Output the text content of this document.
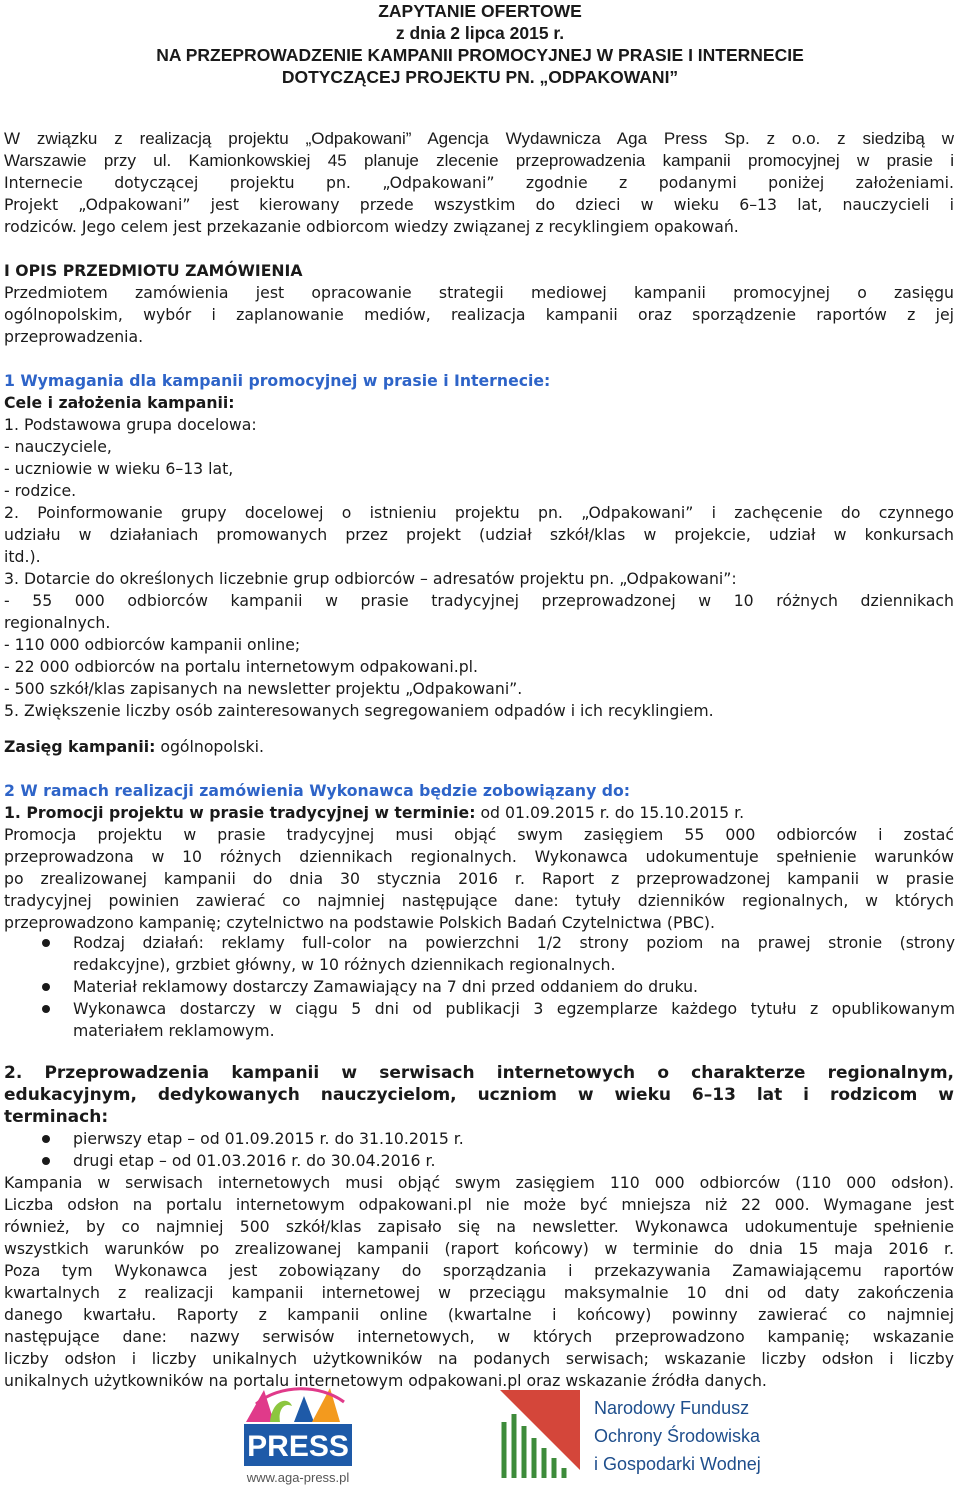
ZAPYTANIE OFERTOWE
z dnia 2 lipca 2015 r.
NA PRZEPROWADZENIE KAMPANII PROMOCYJNEJ W PRASIE I INTERNECIE
DOTYCZĄCEJ PROJEKTU PN. „ODPAKOWANI”
W związku z realizacją projektu „Odpakowani” Agencja Wydawnicza Aga Press Sp. z o.o. z siedzibą w
Warszawie przy ul. Kamionkowskiej 45 planuje zlecenie przeprowadzenia kampanii promocyjnej w prasie i
Internecie dotyczącej projektu pn. „Odpakowani” zgodnie z podanymi poniżej założeniami.
Projekt „Odpakowani” jest kierowany przede wszystkim do dzieci w wieku 6–13 lat, nauczycieli i
rodziców. Jego celem jest przekazanie odbiorcom wiedzy związanej z recyklingiem opakowań.
I OPIS PRZEDMIOTU ZAMÓWIENIA
Przedmiotem zamówienia jest opracowanie strategii mediowej kampanii promocyjnej o zasięgu
ogólnopolskim, wybór i zaplanowanie mediów, realizacja kampanii oraz sporządzenie raportów z jej
przeprowadzenia.
1 Wymagania dla kampanii promocyjnej w prasie i Internecie:
Cele i założenia kampanii:
1. Podstawowa grupa docelowa:
- nauczyciele,
- uczniowie w wieku 6–13 lat,
- rodzice.
2. Poinformowanie grupy docelowej o istnieniu projektu pn. „Odpakowani” i zachęcenie do czynnego
udziału w działaniach promowanych przez projekt (udział szkół/klas w projekcie, udział w konkursach
itd.).
3. Dotarcie do określonych liczebnie grup odbiorców – adresatów projektu pn. „Odpakowani”:
- 55 000 odbiorców kampanii w prasie tradycyjnej przeprowadzonej w 10 różnych dziennikach
regionalnych.
- 110 000 odbiorców kampanii online;
- 22 000 odbiorców na portalu internetowym odpakowani.pl.
- 500 szkół/klas zapisanych na newsletter projektu „Odpakowani”.
5. Zwiększenie liczby osób zainteresowanych segregowaniem odpadów i ich recyklingiem.
Zasięg kampanii: ogólnopolski.
2 W ramach realizacji zamówienia Wykonawca będzie zobowiązany do:
1. Promocji projektu w prasie tradycyjnej w terminie: od 01.09.2015 r. do 15.10.2015 r.
Promocja projektu w prasie tradycyjnej musi objąć swym zasięgiem 55 000 odbiorców i zostać
przeprowadzona w 10 różnych dziennikach regionalnych. Wykonawca udokumentuje spełnienie warunków
po zrealizowanej kampanii do dnia 30 stycznia 2016 r. Raport z przeprowadzonej kampanii w prasie
tradycyjnej powinien zawierać co najmniej następujące dane: tytuły dzienników regionalnych, w których
przeprowadzono kampanię; czytelnictwo na podstawie Polskich Badań Czytelnictwa (PBC).
Rodzaj działań: reklamy full-color na powierzchni 1/2 strony poziom na prawej stronie (strony
redakcyjne), grzbiet główny, w 10 różnych dziennikach regionalnych.
Materiał reklamowy dostarczy Zamawiający na 7 dni przed oddaniem do druku.
Wykonawca dostarczy w ciągu 5 dni od publikacji 3 egzemplarze każdego tytułu z opublikowanym
materiałem reklamowym.
2. Przeprowadzenia kampanii w serwisach internetowych o charakterze regionalnym,
edukacyjnym, dedykowanych nauczycielom, uczniom w wieku 6–13 lat i rodzicom w
terminach:
pierwszy etap – od 01.09.2015 r. do 31.10.2015 r.
drugi etap – od 01.03.2016 r. do 30.04.2016 r.
Kampania w serwisach internetowych musi objąć swym zasięgiem 110 000 odbiorców (110 000 odsłon).
Liczba odsłon na portalu internetowym odpakowani.pl nie może być mniejsza niż 22 000. Wymagane jest
również, by co najmniej 500 szkół/klas zapisało się na newsletter. Wykonawca udokumentuje spełnienie
wszystkich warunków po zrealizowanej kampanii (raport końcowy) w terminie do dnia 15 maja 2016 r.
Poza tym Wykonawca jest zobowiązany do sporządzania i przekazywania Zamawiającemu raportów
kwartalnych z realizacji kampanii internetowej w przeciągu maksymalnie 10 dni od daty zakończenia
danego kwartału. Raporty z kampanii online (kwartalne i końcowy) powinny zawierać co najmniej
następujące dane: nazwy serwisów internetowych, w których przeprowadzono kampanię; wskazanie
liczby odsłon i liczby unikalnych użytkowników na podanych serwisach; wskazanie liczby odsłon i liczby
unikalnych użytkowników na portalu internetowym odpakowani.pl oraz wskazanie źródła danych.
PRESS
www.aga-press.pl
Narodowy Fundusz
Ochrony Środowiska
i Gospodarki Wodnej
